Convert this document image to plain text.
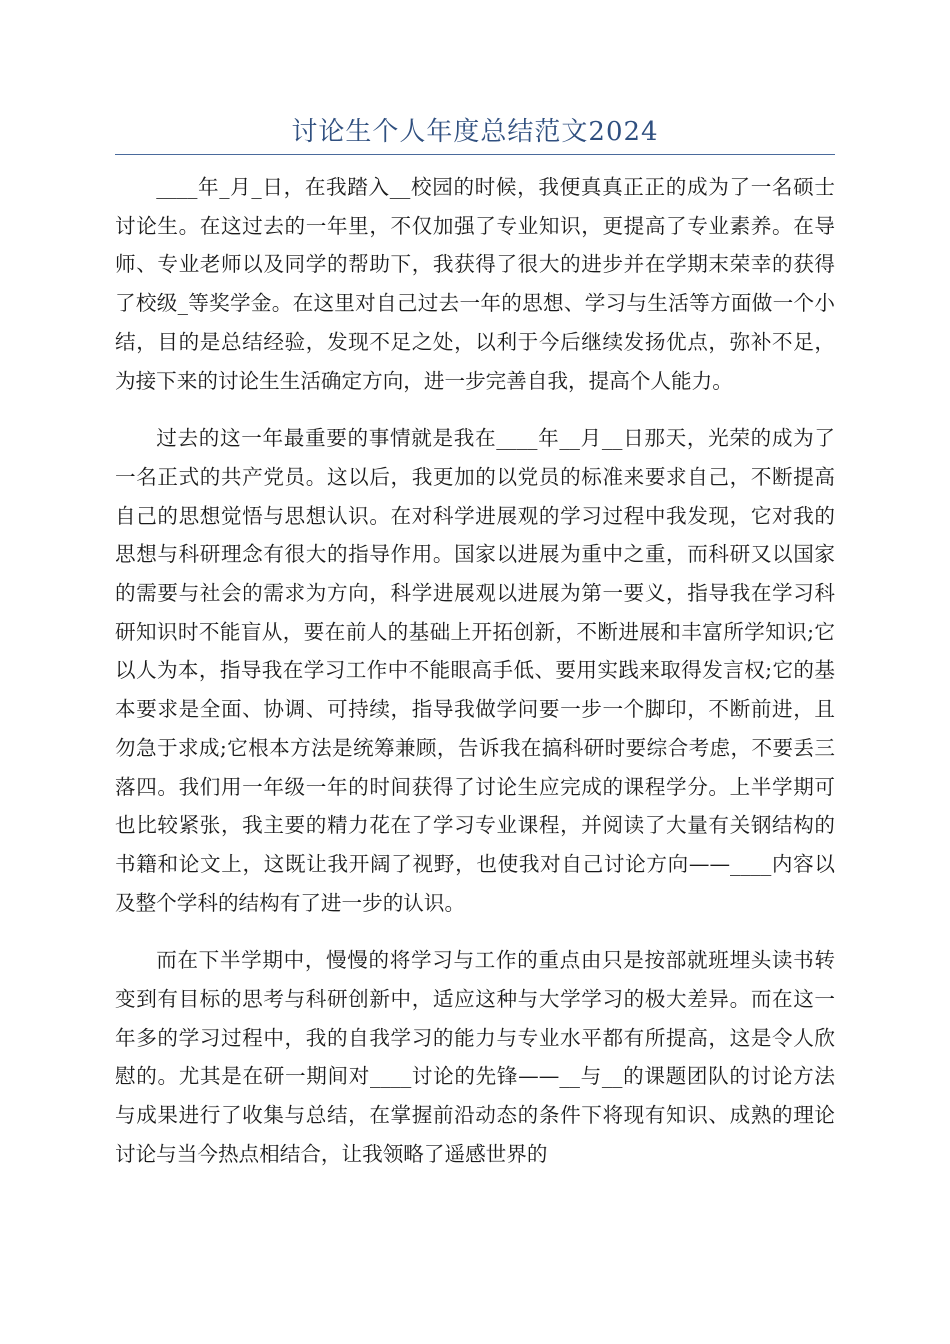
讨论生个人年度总结范文2024

____年_月_日，在我踏入__校园的时候，我便真真正正的成为了一名硕士讨论生。在这过去的一年里，不仅加强了专业知识，更提高了专业素养。在导师、专业老师以及同学的帮助下，我获得了很大的进步并在学期末荣幸的获得了校级_等奖学金。在这里对自己过去一年的思想、学习与生活等方面做一个小结，目的是总结经验，发现不足之处，以利于今后继续发扬优点，弥补不足，为接下来的讨论生生活确定方向，进一步完善自我，提高个人能力。

过去的这一年最重要的事情就是我在____年__月__日那天，光荣的成为了一名正式的共产党员。这以后，我更加的以党员的标准来要求自己，不断提高自己的思想觉悟与思想认识。在对科学进展观的学习过程中我发现，它对我的思想与科研理念有很大的指导作用。国家以进展为重中之重，而科研又以国家的需要与社会的需求为方向，科学进展观以进展为第一要义，指导我在学习科研知识时不能盲从，要在前人的基础上开拓创新，不断进展和丰富所学知识;它以人为本，指导我在学习工作中不能眼高手低、要用实践来取得发言权;它的基本要求是全面、协调、可持续，指导我做学问要一步一个脚印，不断前进，且勿急于求成;它根本方法是统筹兼顾，告诉我在搞科研时要综合考虑，不要丢三落四。我们用一年级一年的时间获得了讨论生应完成的课程学分。上半学期可也比较紧张，我主要的精力花在了学习专业课程，并阅读了大量有关钢结构的书籍和论文上，这既让我开阔了视野，也使我对自己讨论方向——____内容以及整个学科的结构有了进一步的认识。

而在下半学期中，慢慢的将学习与工作的重点由只是按部就班埋头读书转变到有目标的思考与科研创新中，适应这种与大学学习的极大差异。而在这一年多的学习过程中，我的自我学习的能力与专业水平都有所提高，这是令人欣慰的。尤其是在研一期间对____讨论的先锋——__与__的课题团队的讨论方法与成果进行了收集与总结，在掌握前沿动态的条件下将现有知识、成熟的理论讨论与当今热点相结合，让我领略了遥感世界的
